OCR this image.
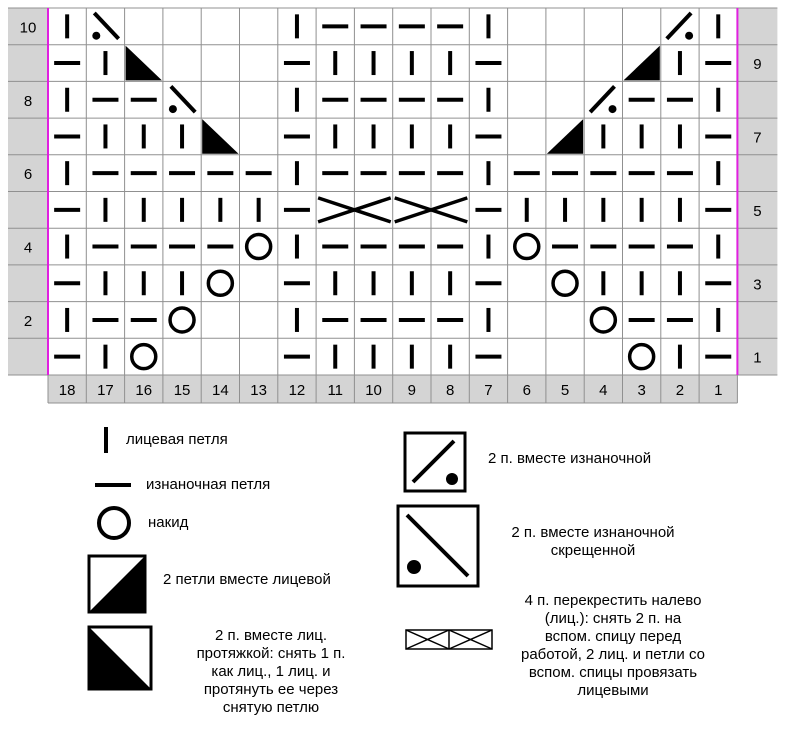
18 17 16 15 14 13 12 11 10 9 8 7 6 5 4 3 2 1
10
9
8
7
6
5
4
3
2
1
лицевая петля
изнаночная петля
накид
2 петли вместе лицевой
2 п. вместе лиц.
протяжкой: снять 1 п.
как лиц., 1 лиц. и
протянуть ее через
снятую петлю
2 п. вместе изнаночной
2 п. вместе изнаночной
скрещенной
4 п. перекрестить налево
(лиц.): снять 2 п. на
вспом. спицу перед
работой, 2 лиц. и петли со
вспом. спицы провязать
лицевыми
